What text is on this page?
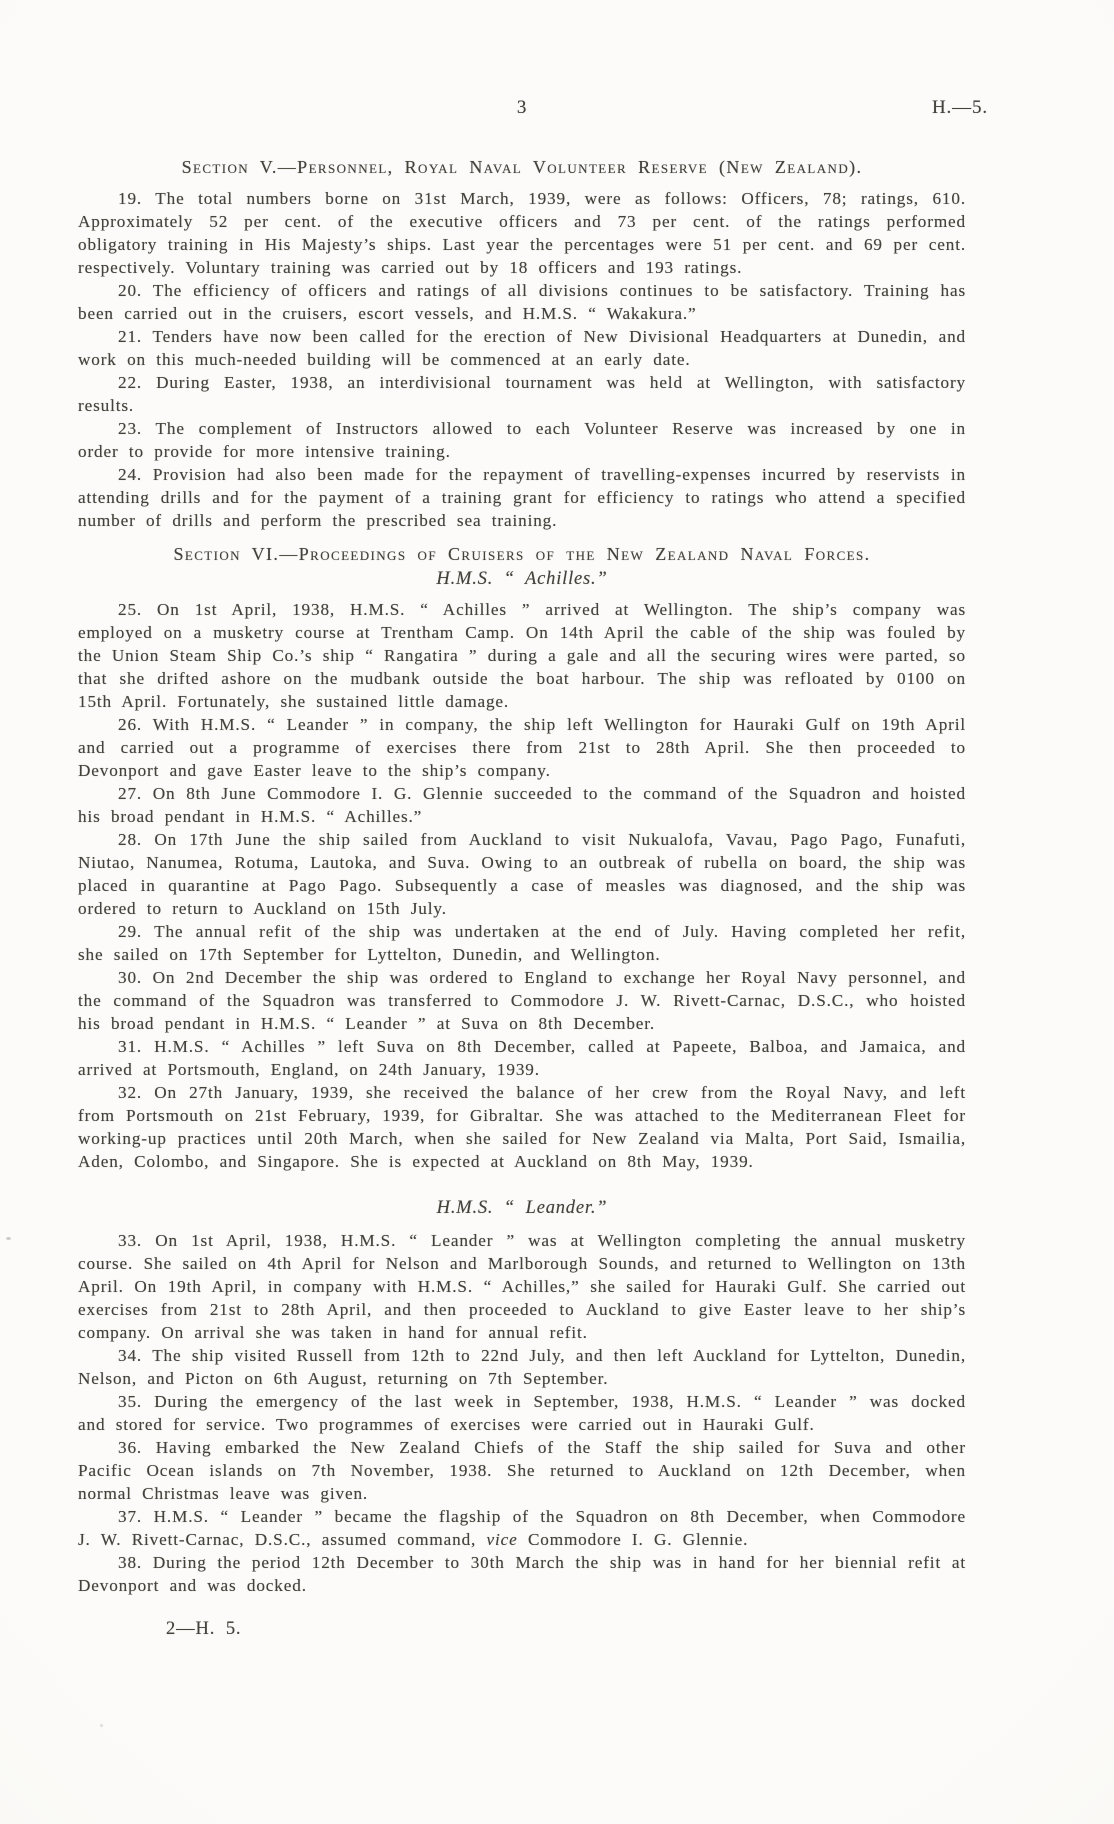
3	H.—5.
Section V.—Personnel, Royal Naval Volunteer Reserve (New Zealand).

19. The total numbers borne on 31st March, 1939, were as follows: Officers, 78; ratings, 610. Approximately 52 per cent. of the executive officers and 73 per cent. of the ratings performed obligatory training in His Majesty’s ships. Last year the percentages were 51 per cent. and 69 per cent. respectively. Voluntary training was carried out by 18 officers and 193 ratings.

20. The efficiency of officers and ratings of all divisions continues to be satisfactory. Training has been carried out in the cruisers, escort vessels, and H.M.S. “ Wakakura.”

21. Tenders have now been called for the erection of New Divisional Headquarters at Dunedin, and work on this much-needed building will be commenced at an early date.

22. During Easter, 1938, an interdivisional tournament was held at Wellington, with satisfactory results.

23. The complement of Instructors allowed to each Volunteer Reserve was increased by one in order to provide for more intensive training.

24. Provision had also been made for the repayment of travelling-expenses incurred by reservists in attending drills and for the payment of a training grant for efficiency to ratings who attend a specified number of drills and perform the prescribed sea training.

Section VI.—Proceedings of Cruisers of the New Zealand Naval Forces.
H.M.S. “ Achilles.”

25. On 1st April, 1938, H.M.S. “ Achilles ” arrived at Wellington. The ship’s company was employed on a musketry course at Trentham Camp. On 14th April the cable of the ship was fouled by the Union Steam Ship Co.’s ship “ Rangatira ” during a gale and all the securing wires were parted, so that she drifted ashore on the mudbank outside the boat harbour. The ship was refloated by 0100 on 15th April. Fortunately, she sustained little damage.

26. With H.M.S. “ Leander ” in company, the ship left Wellington for Hauraki Gulf on 19th April and carried out a programme of exercises there from 21st to 28th April. She then proceeded to Devonport and gave Easter leave to the ship’s company.

27. On 8th June Commodore I. G. Glennie succeeded to the command of the Squadron and hoisted his broad pendant in H.M.S. “ Achilles.”

28. On 17th June the ship sailed from Auckland to visit Nukualofa, Vavau, Pago Pago, Funafuti, Niutao, Nanumea, Rotuma, Lautoka, and Suva. Owing to an outbreak of rubella on board, the ship was placed in quarantine at Pago Pago. Subsequently a case of measles was diagnosed, and the ship was ordered to return to Auckland on 15th July.

29. The annual refit of the ship was undertaken at the end of July. Having completed her refit, she sailed on 17th September for Lyttelton, Dunedin, and Wellington.

30. On 2nd December the ship was ordered to England to exchange her Royal Navy personnel, and the command of the Squadron was transferred to Commodore J. W. Rivett-Carnac, D.S.C., who hoisted his broad pendant in H.M.S. “ Leander ” at Suva on 8th December.

31. H.M.S. “ Achilles ” left Suva on 8th December, called at Papeete, Balboa, and Jamaica, and arrived at Portsmouth, England, on 24th January, 1939.

32. On 27th January, 1939, she received the balance of her crew from the Royal Navy, and left from Portsmouth on 21st February, 1939, for Gibraltar. She was attached to the Mediterranean Fleet for working-up practices until 20th March, when she sailed for New Zealand via Malta, Port Said, Ismailia, Aden, Colombo, and Singapore. She is expected at Auckland on 8th May, 1939.

H.M.S. “ Leander.”

33. On 1st April, 1938, H.M.S. “ Leander ” was at Wellington completing the annual musketry course. She sailed on 4th April for Nelson and Marlborough Sounds, and returned to Wellington on 13th April. On 19th April, in company with H.M.S. “ Achilles,” she sailed for Hauraki Gulf. She carried out exercises from 21st to 28th April, and then proceeded to Auckland to give Easter leave to her ship’s company. On arrival she was taken in hand for annual refit.

34. The ship visited Russell from 12th to 22nd July, and then left Auckland for Lyttelton, Dunedin, Nelson, and Picton on 6th August, returning on 7th September.

35. During the emergency of the last week in September, 1938, H.M.S. “ Leander ” was docked and stored for service. Two programmes of exercises were carried out in Hauraki Gulf.

36. Having embarked the New Zealand Chiefs of the Staff the ship sailed for Suva and other Pacific Ocean islands on 7th November, 1938. She returned to Auckland on 12th December, when normal Christmas leave was given.

37. H.M.S. “ Leander ” became the flagship of the Squadron on 8th December, when Commodore J. W. Rivett-Carnac, D.S.C., assumed command, vice Commodore I. G. Glennie.

38. During the period 12th December to 30th March the ship was in hand for her biennial refit at Devonport and was docked.

2—H. 5.
